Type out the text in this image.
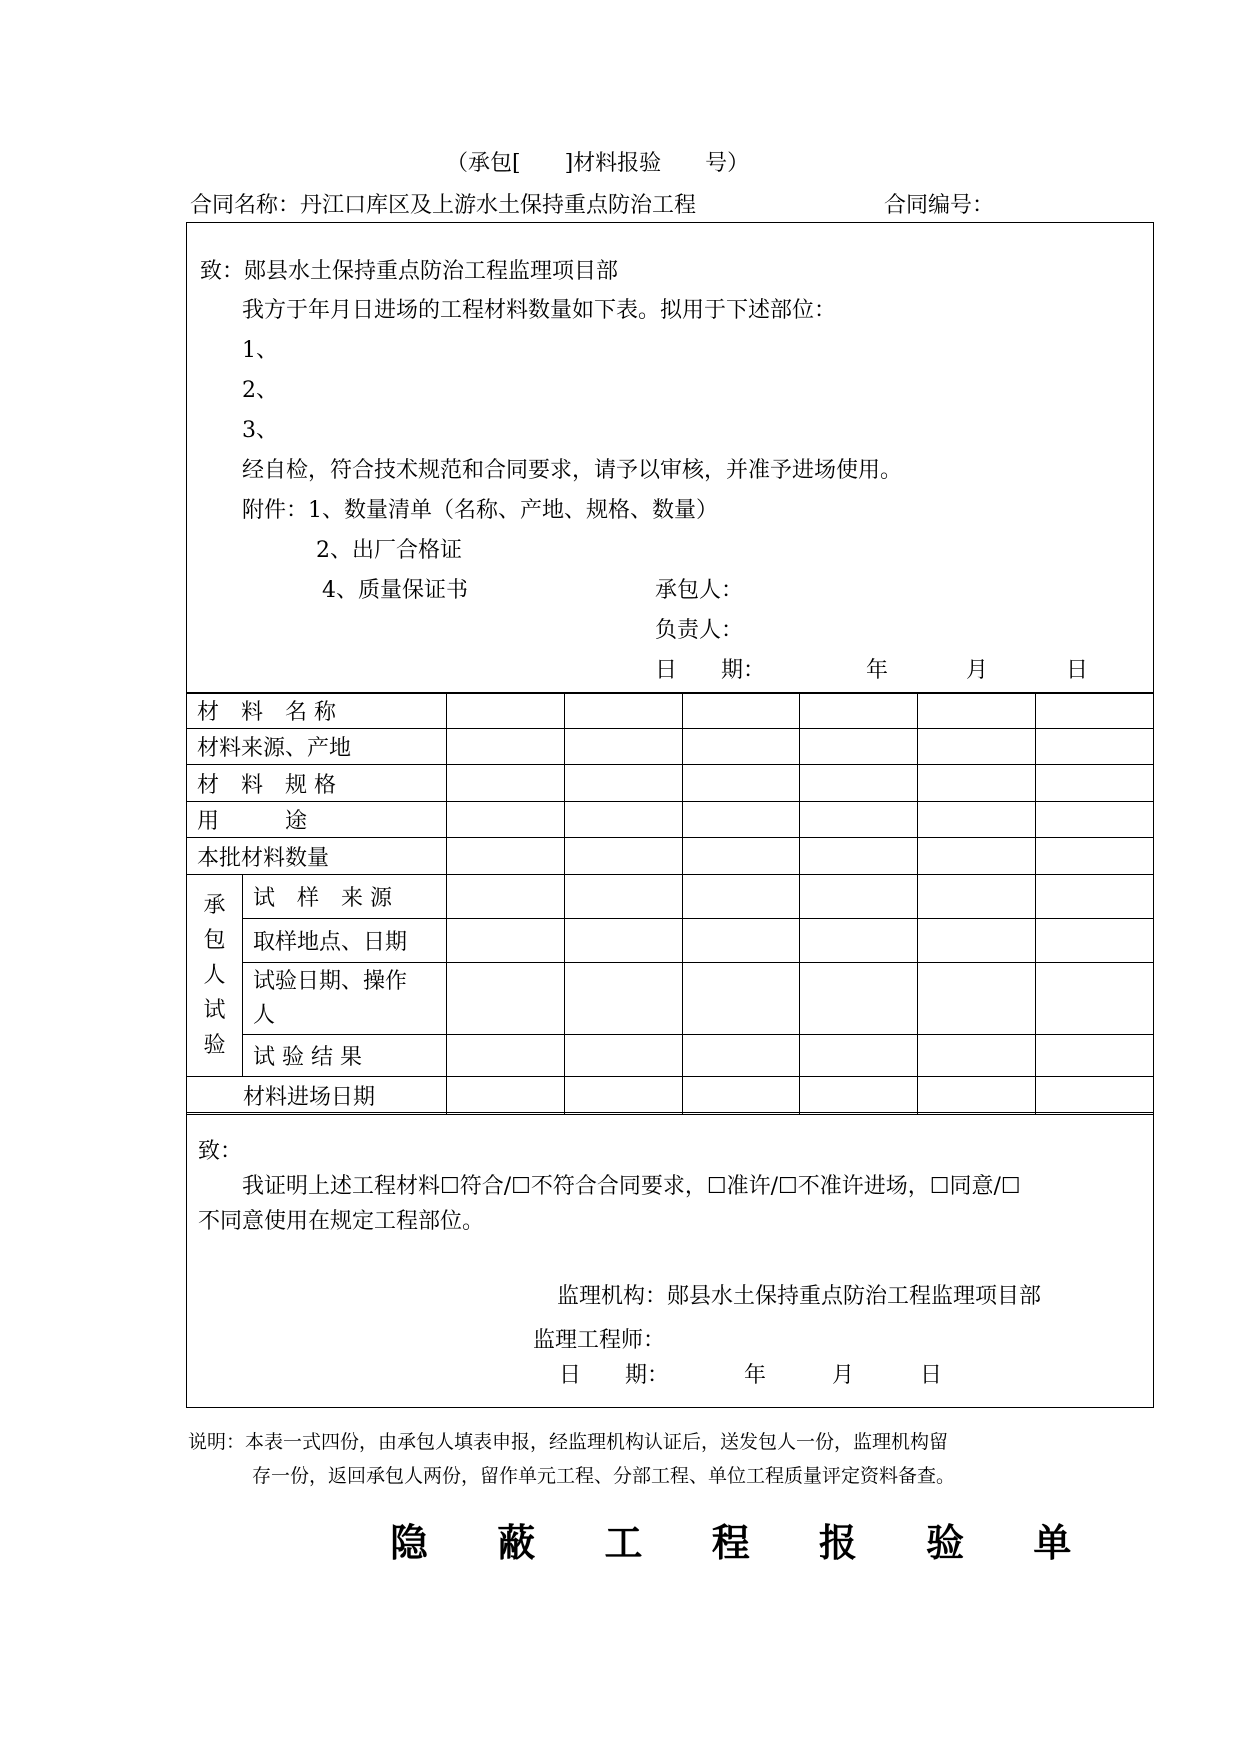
（承包[　　]材料报验　　号）
合同名称：丹江口库区及上游水土保持重点防治工程	合同编号：
致：郧县水土保持重点防治工程监理项目部
我方于年月日进场的工程材料数量如下表。拟用于下述部位：
1、
2、
3、
经自检，符合技术规范和合同要求，请予以审核，并准予进场使用。
附件：1、数量清单（名称、产地、规格、数量）
2、出厂合格证
4、质量保证书	承包人：
负责人：
日　　期：	年	月	日
材　料　名 称							
材料来源、产地							
材　料　规 格							
用　　　途							
本批材料数量							

承
包
人
试
验	试　样　来 源						
	取样地点、日期						
	试验日期、操作
人						
	试 验 结 果						
材料进场日期							
致：
我证明上述工程材料☐符合/☐不符合合同要求，☐准许/☐不准许进场，☐同意/☐
不同意使用在规定工程部位。
监理机构：郧县水土保持重点防治工程监理项目部
监理工程师：
日　　期：	年	月	日
说明：本表一式四份，由承包人填表申报，经监理机构认证后，送发包人一份，监理机构留
存一份，返回承包人两份，留作单元工程、分部工程、单位工程质量评定资料备查。
隐 蔽 工 程 报 验 单
